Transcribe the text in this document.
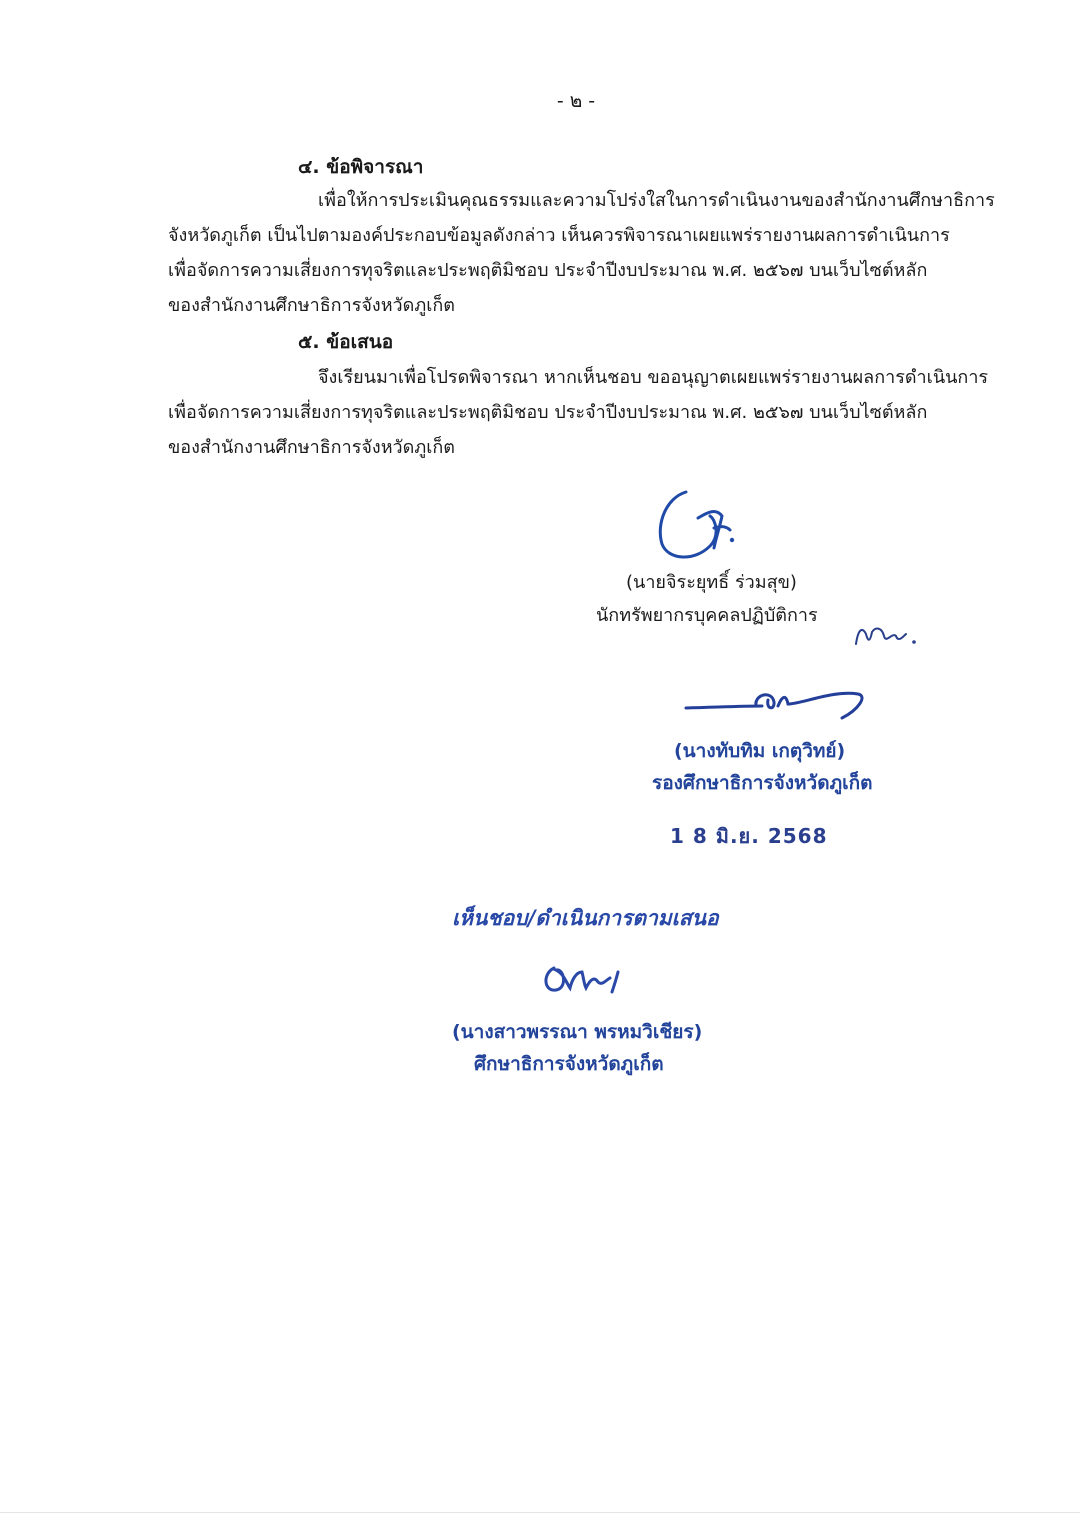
- ๒ -
๔. ข้อพิจารณา
เพื่อให้การประเมินคุณธรรมและความโปร่งใสในการดำเนินงานของสำนักงานศึกษาธิการ
จังหวัดภูเก็ต เป็นไปตามองค์ประกอบข้อมูลดังกล่าว เห็นควรพิจารณาเผยแพร่รายงานผลการดำเนินการ
เพื่อจัดการความเสี่ยงการทุจริตและประพฤติมิชอบ ประจำปีงบประมาณ พ.ศ. ๒๕๖๗ บนเว็บไซต์หลัก
ของสำนักงานศึกษาธิการจังหวัดภูเก็ต
๕. ข้อเสนอ
จึงเรียนมาเพื่อโปรดพิจารณา หากเห็นชอบ ขออนุญาตเผยแพร่รายงานผลการดำเนินการ
เพื่อจัดการความเสี่ยงการทุจริตและประพฤติมิชอบ ประจำปีงบประมาณ พ.ศ. ๒๕๖๗ บนเว็บไซต์หลัก
ของสำนักงานศึกษาธิการจังหวัดภูเก็ต
(นายจิระยุทธิ์ ร่วมสุข)
นักทรัพยากรบุคคลปฏิบัติการ
(นางทับทิม เกตุวิทย์)
รองศึกษาธิการจังหวัดภูเก็ต
1 8 มิ.ย. 2568
เห็นชอบ/ดำเนินการตามเสนอ
(นางสาวพรรณา พรหมวิเชียร)
ศึกษาธิการจังหวัดภูเก็ต
